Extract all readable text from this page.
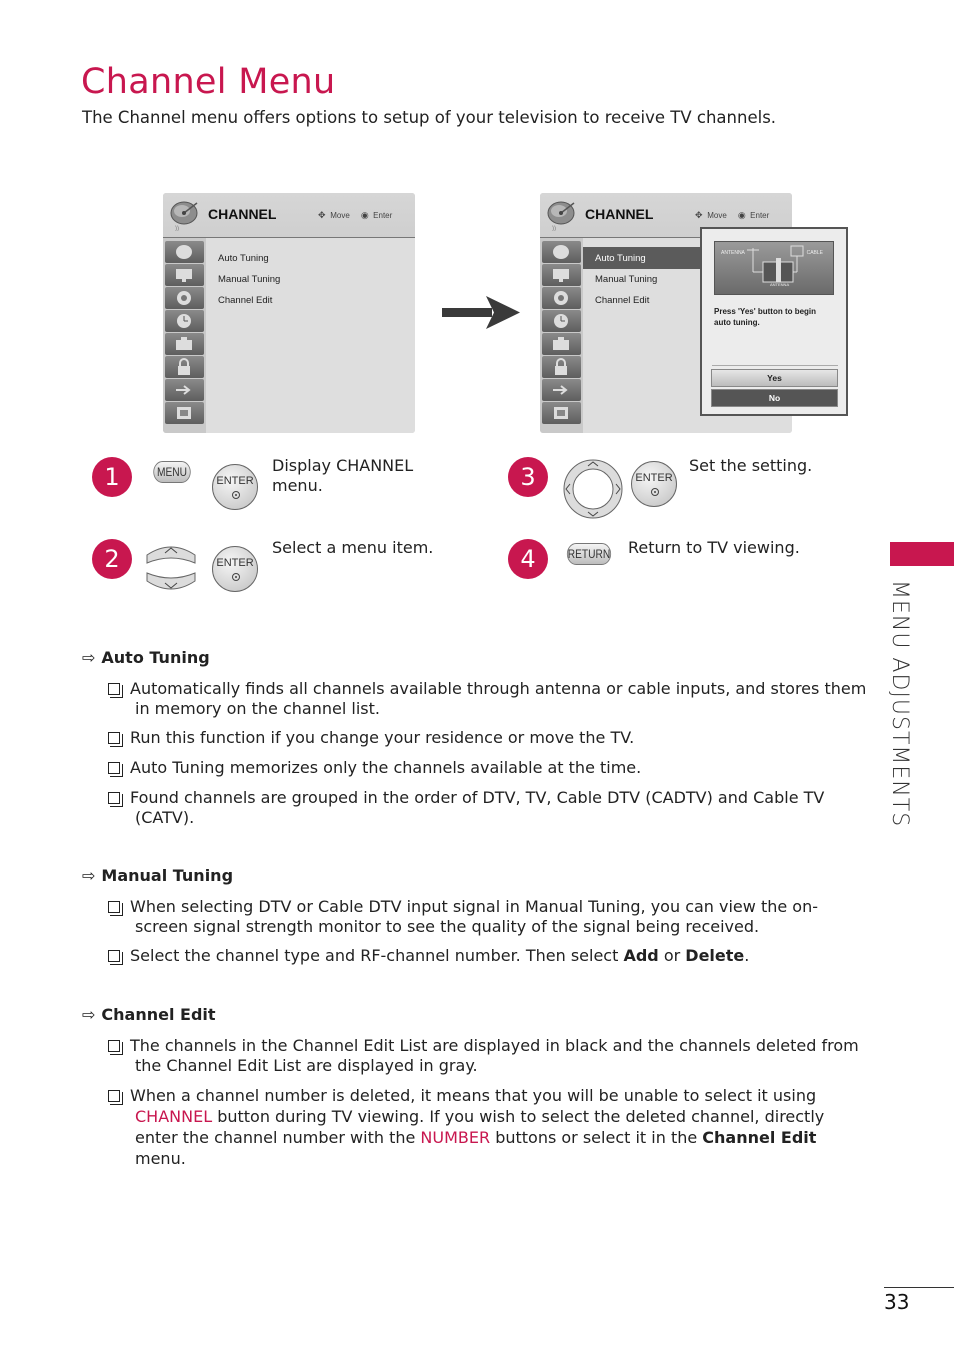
Channel Menu

The Channel menu offers options to setup of your television to receive TV channels.

MENU ADJUSTMENTS
))
CHANNEL	✥ Move ◉ Enter
Auto Tuning
Manual Tuning
Channel Edit
))
CHANNEL	✥ Move ◉ Enter
Auto Tuning
Manual Tuning
Channel Edit
ANTENNA	CABLE
ANTENNA
Press 'Yes' button to begin auto tuning.
Yes
No
1	MENU
ENTER
Display CHANNEL
menu.
2	ENTER
Select a menu item.
3	ENTER
Set the setting.
4	RETURN Return to TV viewing.
⇨ Auto Tuning
Automatically finds all channels available through antenna or cable inputs, and stores them in memory on the channel list.
Run this function if you change your residence or move the TV.
Auto Tuning memorizes only the channels available at the time.
Found channels are grouped in the order of DTV, TV, Cable DTV (CADTV) and Cable TV (CATV).
⇨ Manual Tuning
When selecting DTV or Cable DTV input signal in Manual Tuning, you can view the on-screen signal strength monitor to see the quality of the signal being received.
Select the channel type and RF-channel number. Then select Add or Delete.
⇨ Channel Edit
The channels in the Channel Edit List are displayed in black and the channels deleted from the Channel Edit List are displayed in gray.
When a channel number is deleted, it means that you will be unable to select it using CHANNEL button during TV viewing. If you wish to select the deleted channel, directly enter the channel number with the NUMBER buttons or select it in the Channel Edit menu.
33
